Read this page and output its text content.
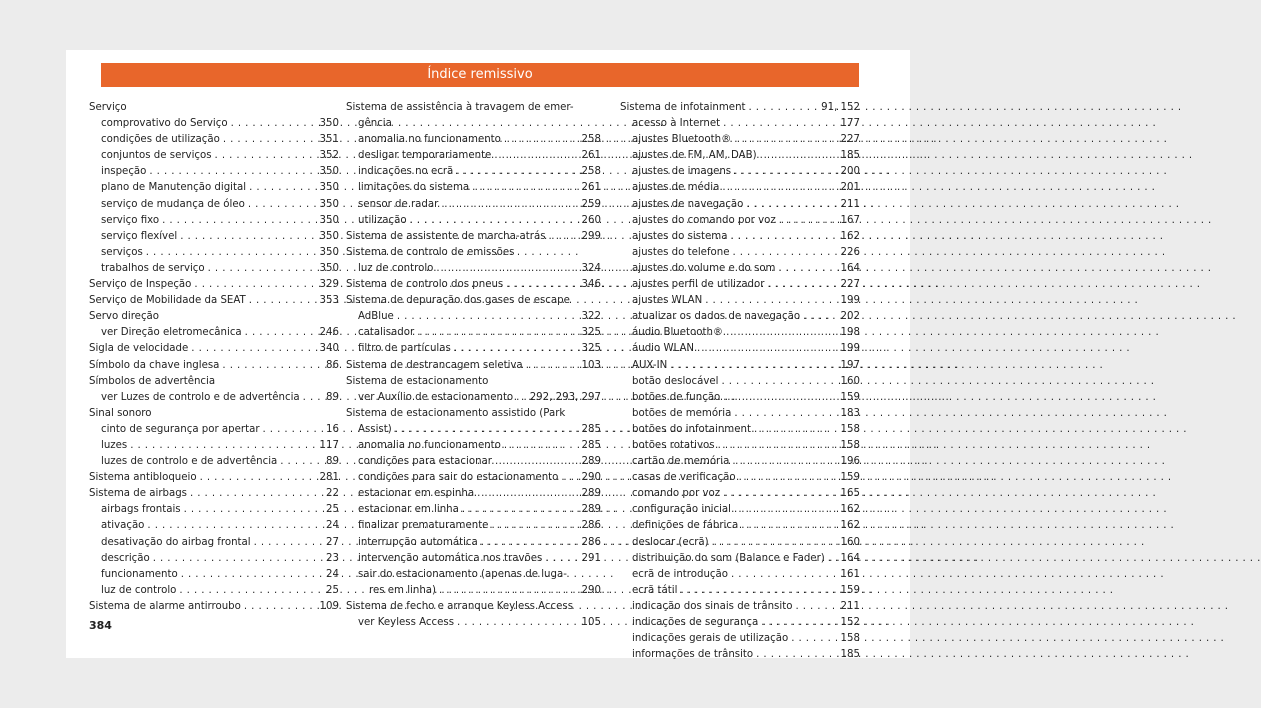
Índice remissivo
Serviço
comprovativo do Serviço . . .	350
condições de utilização . . .	351
conjuntos de serviços . . .	352
inspeção . . .	350
plano de Manutenção digital . . .	350
serviço de mudança de óleo . . .	350
serviço fixo . . .	350
serviço flexível . . .	350
serviços . . .	350
trabalhos de serviço . . .	350
Serviço de Inspeção . . .	329
Serviço de Mobilidade da SEAT . . .	353
Servo direção
ver Direção eletromecânica . . .	246
Sigla de velocidade . . .	340
Símbolo da chave inglesa . . .	86
Símbolos de advertência
ver Luzes de controlo e de advertência . . .	89
Sinal sonoro
cinto de segurança por apertar . . .	16
luzes . . .	117
luzes de controlo e de advertência . . .	89
Sistema antibloqueio . . .	281
Sistema de airbags . . .	22
airbags frontais . . .	25
ativação . . .	24
desativação do airbag frontal . . .	27
descrição . . .	23
funcionamento . . .	24
luz de controlo . . .	25
Sistema de alarme antirroubo . . .	109
Sistema de assistência à travagem de emer-
gência
anomalia no funcionamento . . .	258
desligar temporariamente . . .	261
indicações no ecrã . . .	258
limitações do sistema . . .	261
sensor de radar . . .	259
utilização . . .	260
Sistema de assistente de marcha-atrás . . .	299
Sistema de controlo de emissões
luz de controlo . . .	324
Sistema de controlo dos pneus . . .	346
Sistema de depuração dos gases de escape
AdBlue . . .	322
catalisador . . .	325
filtro de partículas . . .	325
Sistema de destrancagem seletiva . . .	103
Sistema de estacionamento
ver Auxílio de estacionamento . . . 292, 293, 297
Sistema de estacionamento assistido (Park
Assist) . . .	285
anomalia no funcionamento . . .	285
condições para estacionar . . .	289
condições para sair do estacionamento . . . 290
estacionar em espinha . . .	289
estacionar em linha . . .	289
finalizar prematuramente . . .	286
interrupção automática . . .	286
intervenção automática nos travões . . .	291
sair do estacionamento (apenas de luga-
res em linha) . . .	290
Sistema de fecho e arranque Keyless Access
ver Keyless Access . . .	105
Sistema de infotainment . . .	91, 152
acesso à Internet . . .	177
ajustes Bluetooth® . . .	227
ajustes de FM, AM, DAB) . . .	185
ajustes de imagens . . .	200
ajustes de média . . .	201
ajustes de navegação . . .	211
ajustes do comando por voz . . .	167
ajustes do sistema . . .	162
ajustes do telefone . . .	226
ajustes do volume e do som . . .	164
ajustes perfil de utilizador . . .	227
ajustes WLAN . . .	199
atualizar os dados de navegação . . .	202
áudio Bluetooth® . . .	198
áudio WLAN . . .	199
AUX-IN . . .	197
botão deslocável . . .	160
botões de função . . .	159
botões de memória . . .	183
botões do infotainment . . .	158
botões rotativos . . .	158
cartão de memória . . .	196
casas de verificação . . .	159
comando por voz . . .	165
configuração inicial . . .	162
definições de fábrica . . .	162
deslocar (ecrã) . . .	160
distribuição do som (Balance e Fader) . . . 164
ecrã de introdução . . .	161
ecrã tátil . . .	159
indicação dos sinais de trânsito . . .	211
indicações de segurança . . .	152
indicações gerais de utilização . . .	158
informações de trânsito . . .	185
384
